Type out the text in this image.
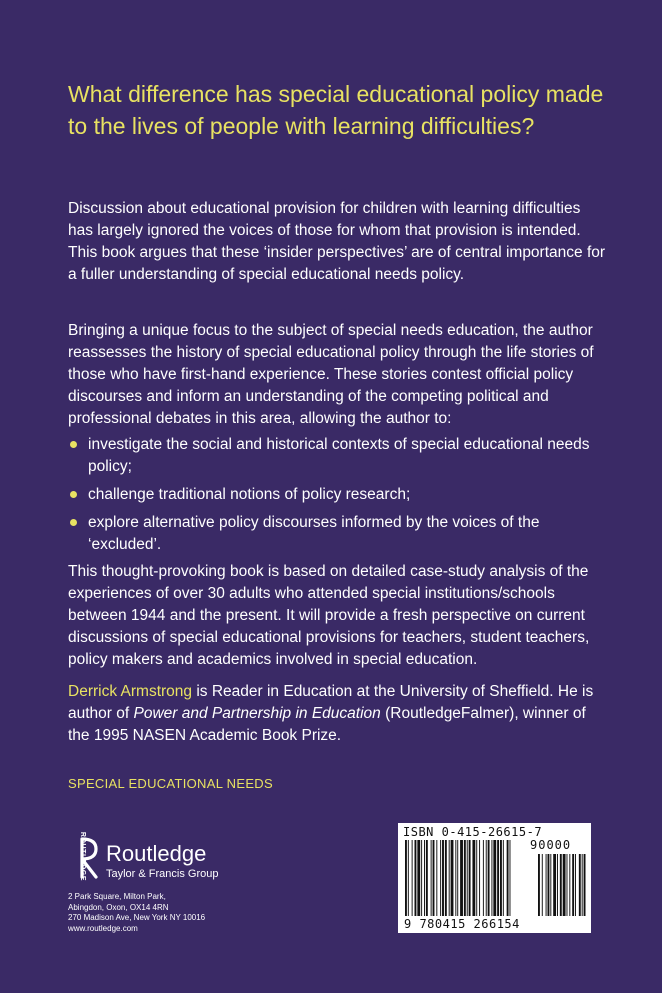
What difference has special educational policy made to the lives of people with learning difficulties?

Discussion about educational provision for children with learning difficulties has largely ignored the voices of those for whom that provision is intended. This book argues that these ‘insider perspectives’ are of central importance for a fuller understanding of special educational needs policy.

Bringing a unique focus to the subject of special needs education, the author reassesses the history of special educational policy through the life stories of those who have first-hand experience. These stories contest official policy discourses and inform an understanding of the competing political and professional debates in this area, allowing the author to:

investigate the social and historical contexts of special educational needs policy;
challenge traditional notions of policy research;
explore alternative policy discourses informed by the voices of the ‘excluded’.

This thought-provoking book is based on detailed case-study analysis of the experiences of over 30 adults who attended special institutions/schools between 1944 and the present. It will provide a fresh perspective on current discussions of special educational provisions for teachers, student teachers, policy makers and academics involved in special education.

Derrick Armstrong is Reader in Education at the University of Sheffield. He is author of Power and Partnership in Education (RoutledgeFalmer), winner of the 1995 NASEN Academic Book Prize.

SPECIAL EDUCATIONAL NEEDS
ROUTLEDGE Routledge
Taylor & Francis Group
2 Park Square, Milton Park,
Abingdon, Oxon, OX14 4RN
270 Madison Ave, New York NY 10016
www.routledge.com
ISBN 0-415-26615-7
90000
9 780415 266154
